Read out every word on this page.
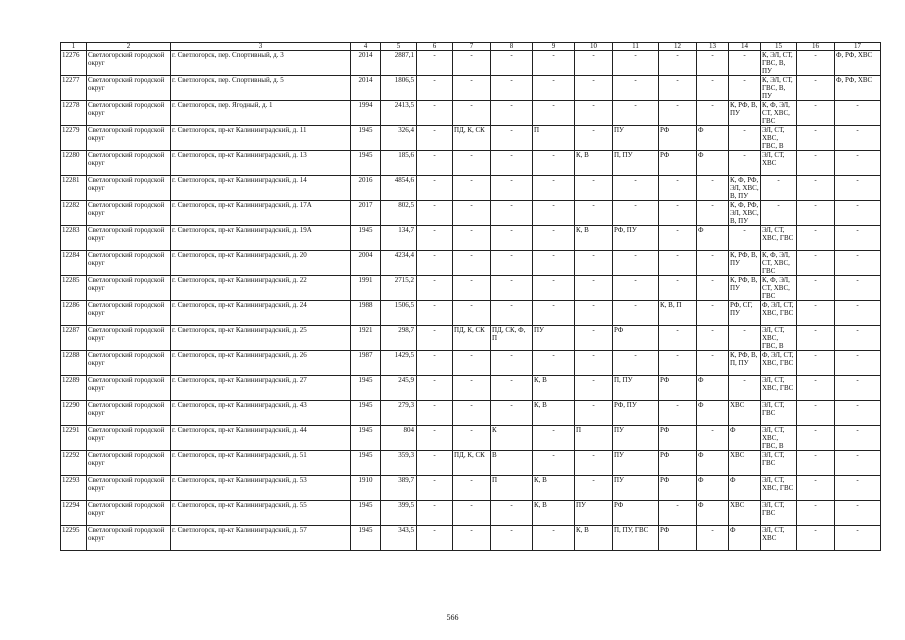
1	2	3	4	5	6	7	8	9	10	11	12	13	14	15	16	17
12276	Светлогорский городской округ	г. Светлогорск, пер. Спортивный, д. 3	2014	2887,1	-	-	-	-	-	-	-	-	-	К, ЭЛ, СТ, ГВС, В, ПУ	-	Ф, РФ, ХВС
12277	Светлогорский городской округ	г. Светлогорск, пер. Спортивный, д. 5	2014	1806,5	-	-	-	-	-	-	-	-	-	К, ЭЛ, СТ, ГВС, В, ПУ	-	Ф, РФ, ХВС
12278	Светлогорский городской округ	г. Светлогорск, пер. Ягодный, д. 1	1994	2413,5	-	-	-	-	-	-	-	-	К, РФ, В, ПУ	К, Ф, ЭЛ, СТ, ХВС, ГВС	-	-
12279	Светлогорский городской округ	г. Светлогорск, пр-кт Калининградский, д. 11	1945	326,4	-	ПД, К, СК	-	П	-	ПУ	РФ	Ф	-	ЭЛ, СТ, ХВС, ГВС, В	-	-
12280	Светлогорский городской округ	г. Светлогорск, пр-кт Калининградский, д. 13	1945	185,6	-	-	-	-	К, В	П, ПУ	РФ	Ф	-	ЭЛ, СТ, ХВС	-	-
12281	Светлогорский городской округ	г. Светлогорск, пр-кт Калининградский, д. 14	2016	4854,6	-	-	-	-	-	-	-	-	К, Ф, РФ, ЭЛ, ХВС, В, ПУ	-	-	-
12282	Светлогорский городской округ	г. Светлогорск, пр-кт Калининградский, д. 17А	2017	802,5	-	-	-	-	-	-	-	-	К, Ф, РФ, ЭЛ, ХВС, В, ПУ	-	-	-
12283	Светлогорский городской округ	г. Светлогорск, пр-кт Калининградский, д. 19А	1945	134,7	-	-	-	-	К, В	РФ, ПУ	-	Ф	-	ЭЛ, СТ, ХВС, ГВС	-	-
12284	Светлогорский городской округ	г. Светлогорск, пр-кт Калининградский, д. 20	2004	4234,4	-	-	-	-	-	-	-	-	К, РФ, В, ПУ	К, Ф, ЭЛ, СТ, ХВС, ГВС	-	-
12285	Светлогорский городской округ	г. Светлогорск, пр-кт Калининградский, д. 22	1991	2715,2	-	-	-	-	-	-	-	-	К, РФ, В, ПУ	К, Ф, ЭЛ, СТ, ХВС, ГВС	-	-
12286	Светлогорский городской округ	г. Светлогорск, пр-кт Калининградский, д. 24	1988	1506,5	-	-	-	-	-	-	К, В, П	-	РФ, СГ, ПУ	Ф, ЭЛ, СТ, ХВС, ГВС	-	-
12287	Светлогорский городской округ	г. Светлогорск, пр-кт Калининградский, д. 25	1921	298,7	-	ПД, К, СК	ПД, СК, Ф, П	ПУ	-	РФ	-	-	-	ЭЛ, СТ, ХВС, ГВС, В	-	-
12288	Светлогорский городской округ	г. Светлогорск, пр-кт Калининградский, д. 26	1987	1429,5	-	-	-	-	-	-	-	-	К, РФ, В, П, ПУ	Ф, ЭЛ, СТ, ХВС, ГВС	-	-
12289	Светлогорский городской округ	г. Светлогорск, пр-кт Калининградский, д. 27	1945	245,9	-	-	-	К, В	-	П, ПУ	РФ	Ф	-	ЭЛ, СТ, ХВС, ГВС	-	-
12290	Светлогорский городской округ	г. Светлогорск, пр-кт Калининградский, д. 43	1945	279,3	-	-	-	К, В	-	РФ, ПУ	-	Ф	ХВС	ЭЛ, СТ, ГВС	-	-
12291	Светлогорский городской округ	г. Светлогорск, пр-кт Калининградский, д. 44	1945	804	-	-	К	-	П	ПУ	РФ	-	Ф	ЭЛ, СТ, ХВС, ГВС, В	-	-
12292	Светлогорский городской округ	г. Светлогорск, пр-кт Калининградский, д. 51	1945	359,3	-	ПД, К, СК	В	-	-	ПУ	РФ	Ф	ХВС	ЭЛ, СТ, ГВС	-	-
12293	Светлогорский городской округ	г. Светлогорск, пр-кт Калининградский, д. 53	1910	389,7	-	-	П	К, В	-	ПУ	РФ	Ф	Ф	ЭЛ, СТ, ХВС, ГВС	-	-
12294	Светлогорский городской округ	г. Светлогорск, пр-кт Калининградский, д. 55	1945	399,5	-	-	-	К, В	ПУ	РФ	-	Ф	ХВС	ЭЛ, СТ, ГВС	-	-
12295	Светлогорский городской округ	г. Светлогорск, пр-кт Калининградский, д. 57	1945	343,5	-	-	-	-	К, В	П, ПУ, ГВС	РФ	-	Ф	ЭЛ, СТ, ХВС	-	-
566
